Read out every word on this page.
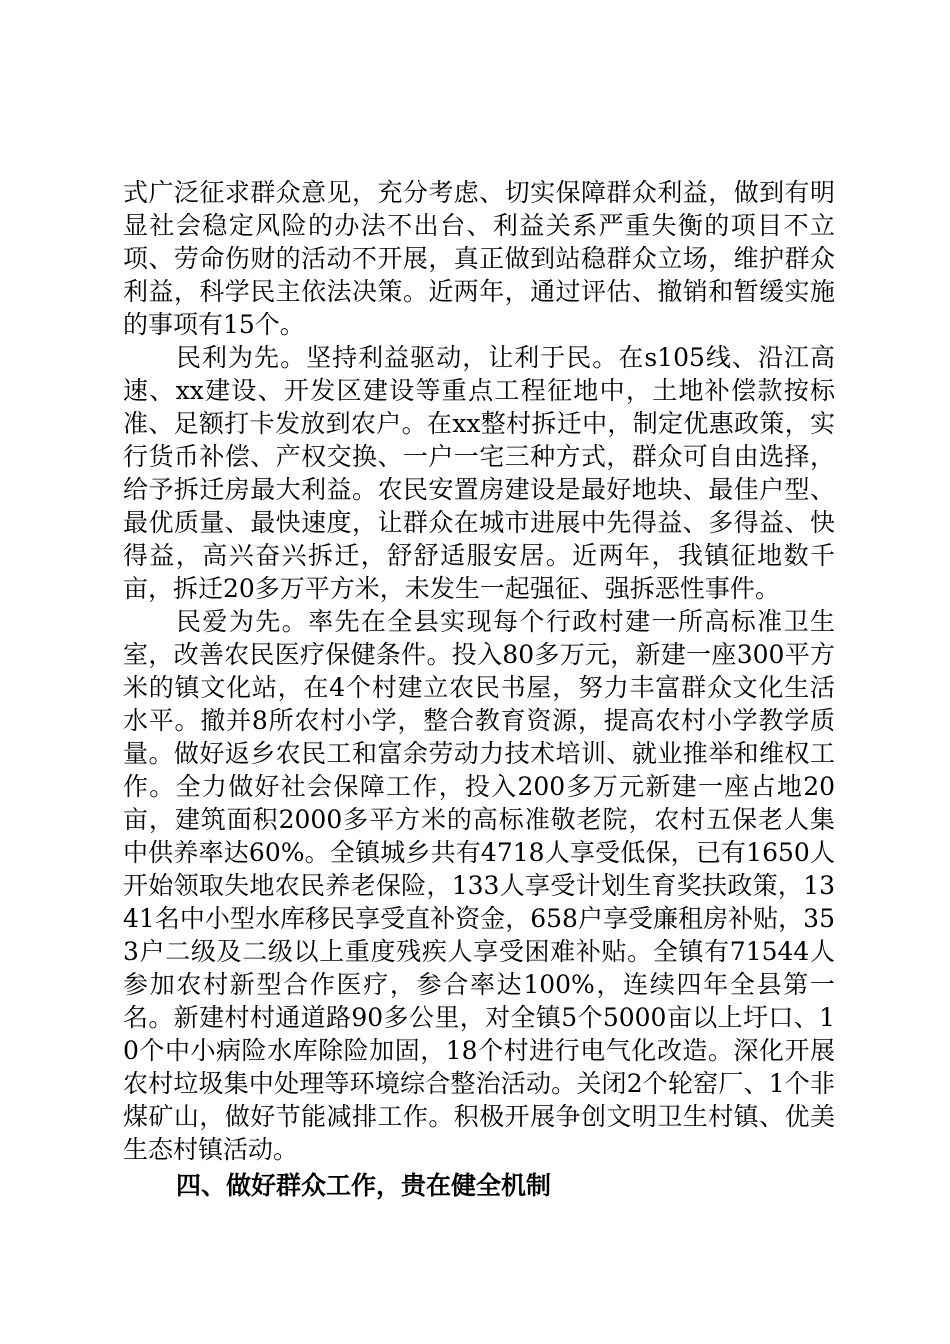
式广泛征求群众意见，充分考虑、切实保障群众利益，做到有明显社会稳定风险的办法不出台、利益关系严重失衡的项目不立项、劳命伤财的活动不开展，真正做到站稳群众立场，维护群众利益，科学民主依法决策。近两年，通过评估、撤销和暂缓实施的事项有15个。

民利为先。坚持利益驱动，让利于民。在s105线、沿江高速、xx建设、开发区建设等重点工程征地中，土地补偿款按标准、足额打卡发放到农户。在xx整村拆迁中，制定优惠政策，实行货币补偿、产权交换、一户一宅三种方式，群众可自由选择，给予拆迁房最大利益。农民安置房建设是最好地块、最佳户型、最优质量、最快速度，让群众在城市进展中先得益、多得益、快得益，高兴奋兴拆迁，舒舒适服安居。近两年，我镇征地数千亩，拆迁20多万平方米，未发生一起强征、强拆恶性事件。

民爱为先。率先在全县实现每个行政村建一所高标准卫生室，改善农民医疗保健条件。投入80多万元，新建一座300平方米的镇文化站，在4个村建立农民书屋，努力丰富群众文化生活水平。撤并8所农村小学，整合教育资源，提高农村小学教学质量。做好返乡农民工和富余劳动力技术培训、就业推举和维权工作。全力做好社会保障工作，投入200多万元新建一座占地20亩，建筑面积2000多平方米的高标准敬老院，农村五保老人集中供养率达60%。全镇城乡共有4718人享受低保，已有1650人开始领取失地农民养老保险，133人享受计划生育奖扶政策，1341名中小型水库移民享受直补资金，658户享受廉租房补贴，353户二级及二级以上重度残疾人享受困难补贴。全镇有71544人参加农村新型合作医疗，参合率达100%，连续四年全县第一名。新建村村通道路90多公里，对全镇5个5000亩以上圩口、10个中小病险水库除险加固，18个村进行电气化改造。深化开展农村垃圾集中处理等环境综合整治活动。关闭2个轮窑厂、1个非煤矿山，做好节能减排工作。积极开展争创文明卫生村镇、优美生态村镇活动。

四、做好群众工作，贵在健全机制
